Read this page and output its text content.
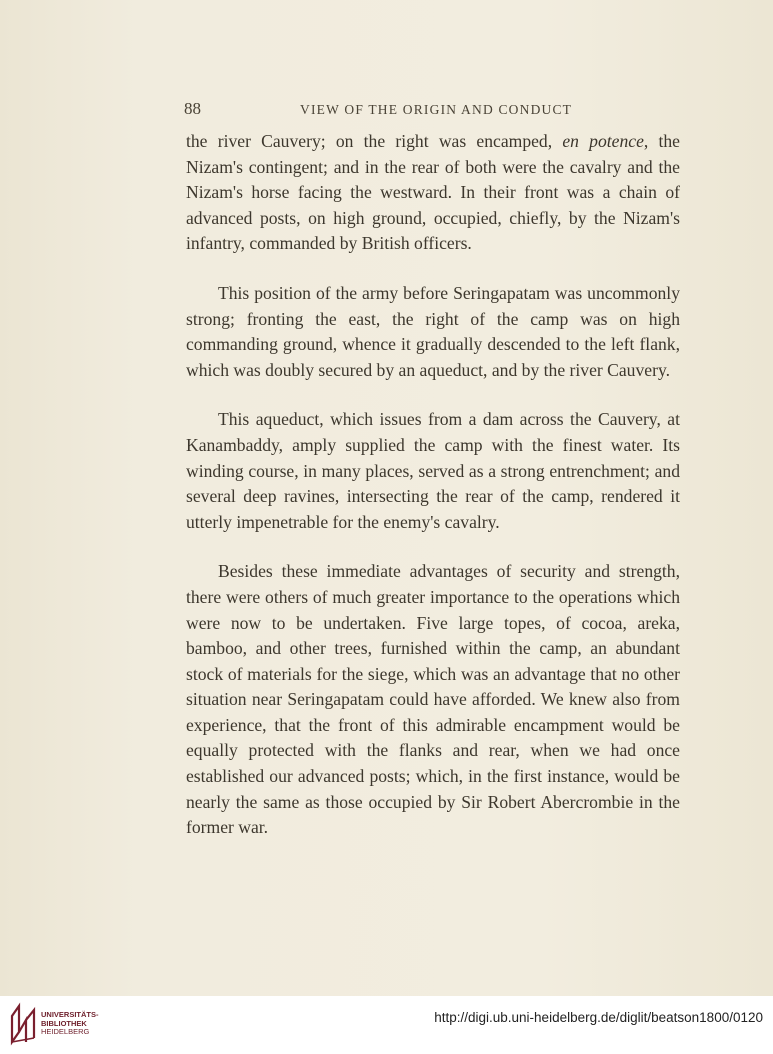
88	VIEW OF THE ORIGIN AND CONDUCT

the river Cauvery; on the right was encamped, en potence, the Nizam's contingent; and in the rear of both were the cavalry and the Nizam's horse facing the westward. In their front was a chain of advanced posts, on high ground, occupied, chiefly, by the Nizam's infantry, commanded by British officers.

This position of the army before Seringapatam was uncommonly strong; fronting the east, the right of the camp was on high commanding ground, whence it gradually descended to the left flank, which was doubly secured by an aqueduct, and by the river Cauvery.

This aqueduct, which issues from a dam across the Cauvery, at Kanambaddy, amply supplied the camp with the finest water. Its winding course, in many places, served as a strong entrenchment; and several deep ravines, intersecting the rear of the camp, rendered it utterly impenetrable for the enemy's cavalry.

Besides these immediate advantages of security and strength, there were others of much greater importance to the operations which were now to be undertaken. Five large topes, of cocoa, areka, bamboo, and other trees, furnished within the camp, an abundant stock of materials for the siege, which was an advantage that no other situation near Seringapatam could have afforded. We knew also from experience, that the front of this admirable encampment would be equally protected with the flanks and rear, when we had once established our advanced posts; which, in the first instance, would be nearly the same as those occupied by Sir Robert Abercrombie in the former war.

UNIVERSITÄTS-
BIBLIOTHEK
HEIDELBERG
http://digi.ub.uni-heidelberg.de/diglit/beatson1800/0120
